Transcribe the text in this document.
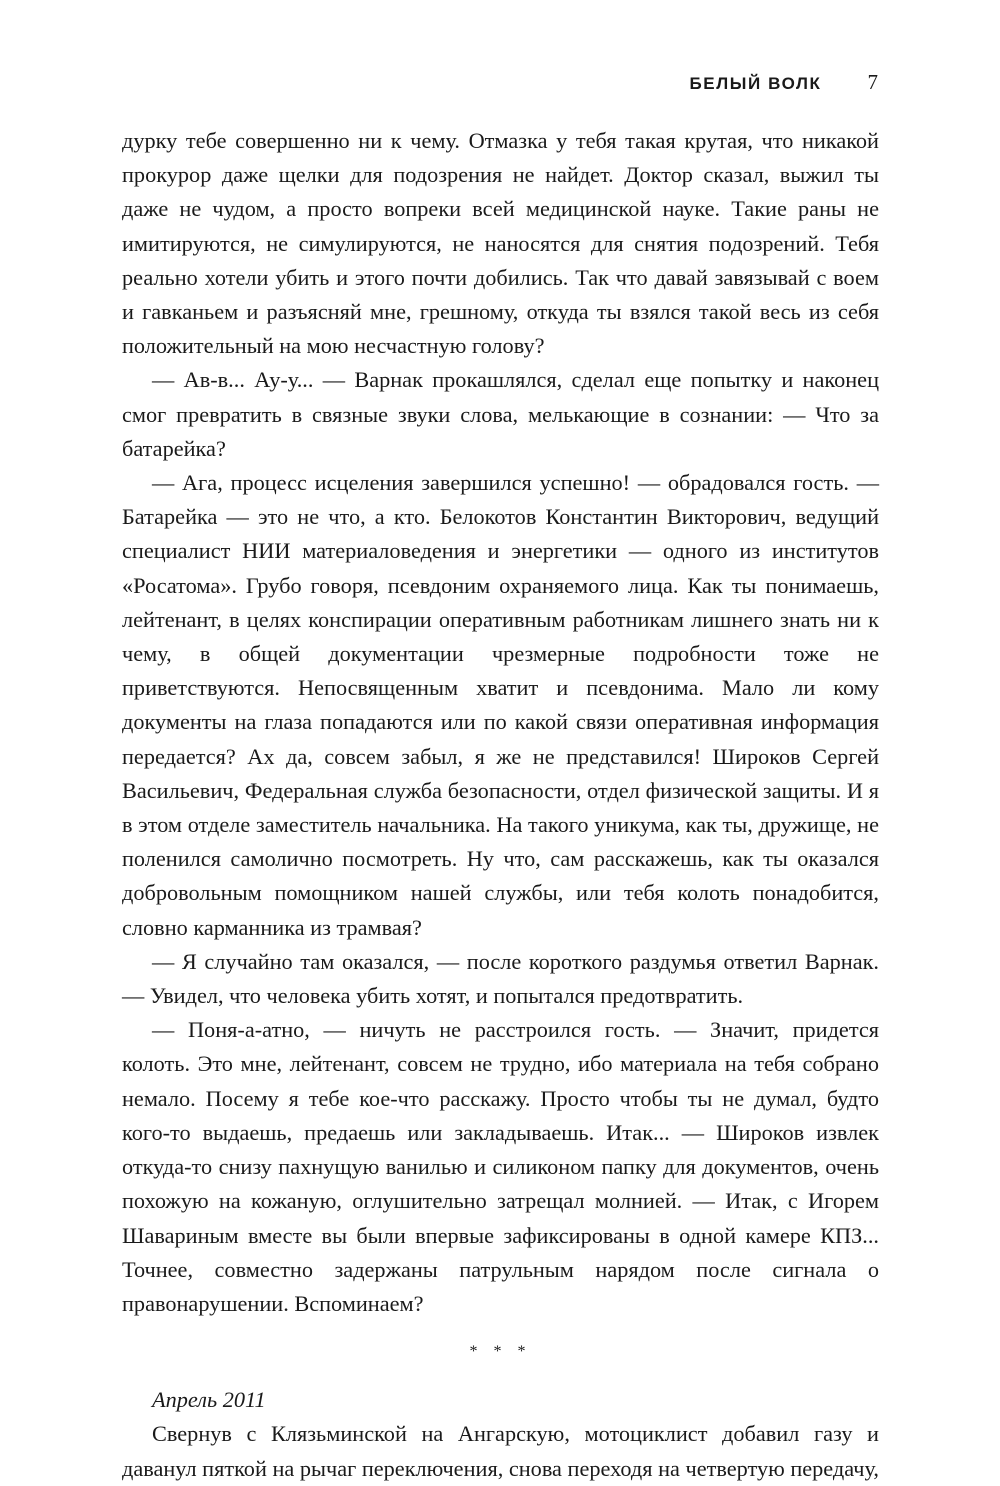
БЕЛЫЙ ВОЛК 7

дурку тебе совершенно ни к чему. Отмазка у тебя такая крутая, что никакой прокурор даже щелки для подозрения не найдет. Доктор сказал, выжил ты даже не чудом, а просто вопреки всей медицинской науке. Такие раны не имитируются, не симулируются, не наносятся для снятия подозрений. Тебя реально хотели убить и этого почти добились. Так что давай завязывай с воем и гавканьем и разъясняй мне, грешному, откуда ты взялся такой весь из себя положительный на мою несчастную голову?

— Ав-в... Ау-у... — Варнак прокашлялся, сделал еще попытку и наконец смог превратить в связные звуки слова, мелькающие в сознании: — Что за батарейка?

— Ага, процесс исцеления завершился успешно! — обрадовался гость. — Батарейка — это не что, а кто. Белокотов Константин Викторович, ведущий специалист НИИ материаловедения и энергетики — одного из институтов «Росатома». Грубо говоря, псевдоним охраняемого лица. Как ты понимаешь, лейтенант, в целях конспирации оперативным работникам лишнего знать ни к чему, в общей документации чрезмерные подробности тоже не приветствуются. Непосвященным хватит и псевдонима. Мало ли кому документы на глаза попадаются или по какой связи оперативная информация передается? Ах да, совсем забыл, я же не представился! Широков Сергей Васильевич, Федеральная служба безопасности, отдел физической защиты. И я в этом отделе заместитель начальника. На такого уникума, как ты, дружище, не поленился самолично посмотреть. Ну что, сам расскажешь, как ты оказался добровольным помощником нашей службы, или тебя колоть понадобится, словно карманника из трамвая?

— Я случайно там оказался, — после короткого раздумья ответил Варнак. — Увидел, что человека убить хотят, и попытался предотвратить.

— Поня-а-атно, — ничуть не расстроился гость. — Значит, придется колоть. Это мне, лейтенант, совсем не трудно, ибо материала на тебя собрано немало. Посему я тебе кое-что расскажу. Просто чтобы ты не думал, будто кого-то выдаешь, предаешь или закладываешь. Итак... — Широков извлек откуда-то снизу пахнущую ванилью и силиконом папку для документов, очень похожую на кожаную, оглушительно затрещал молнией. — Итак, с Игорем Шавариным вместе вы были впервые зафиксированы в одной камере КПЗ... Точнее, совместно задержаны патрульным нарядом после сигнала о правонарушении. Вспоминаем?

* * *

Апрель 2011

Свернув с Клязьминской на Ангарскую, мотоциклист добавил газу и даванул пяткой на рычаг переключения, снова переходя на четвертую передачу,
